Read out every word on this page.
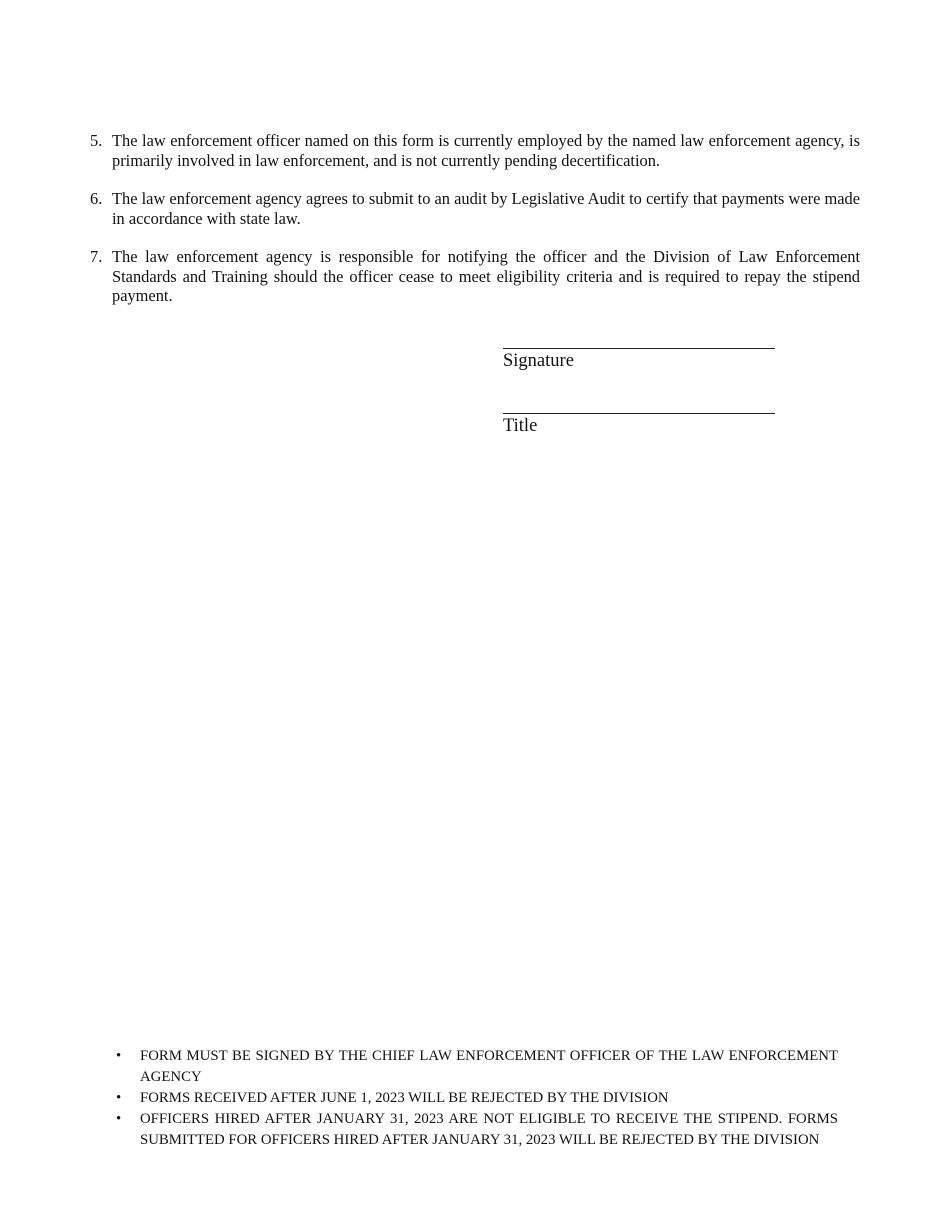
5. The law enforcement officer named on this form is currently employed by the named law enforcement agency, is primarily involved in law enforcement, and is not currently pending decertification.
6. The law enforcement agency agrees to submit to an audit by Legislative Audit to certify that payments were made in accordance with state law.
7. The law enforcement agency is responsible for notifying the officer and the Division of Law Enforcement Standards and Training should the officer cease to meet eligibility criteria and is required to repay the stipend payment.
Signature
Title
• FORM MUST BE SIGNED BY THE CHIEF LAW ENFORCEMENT OFFICER OF THE LAW ENFORCEMENT AGENCY
• FORMS RECEIVED AFTER JUNE 1, 2023 WILL BE REJECTED BY THE DIVISION
• OFFICERS HIRED AFTER JANUARY 31, 2023 ARE NOT ELIGIBLE TO RECEIVE THE STIPEND. FORMS SUBMITTED FOR OFFICERS HIRED AFTER JANUARY 31, 2023 WILL BE REJECTED BY THE DIVISION
